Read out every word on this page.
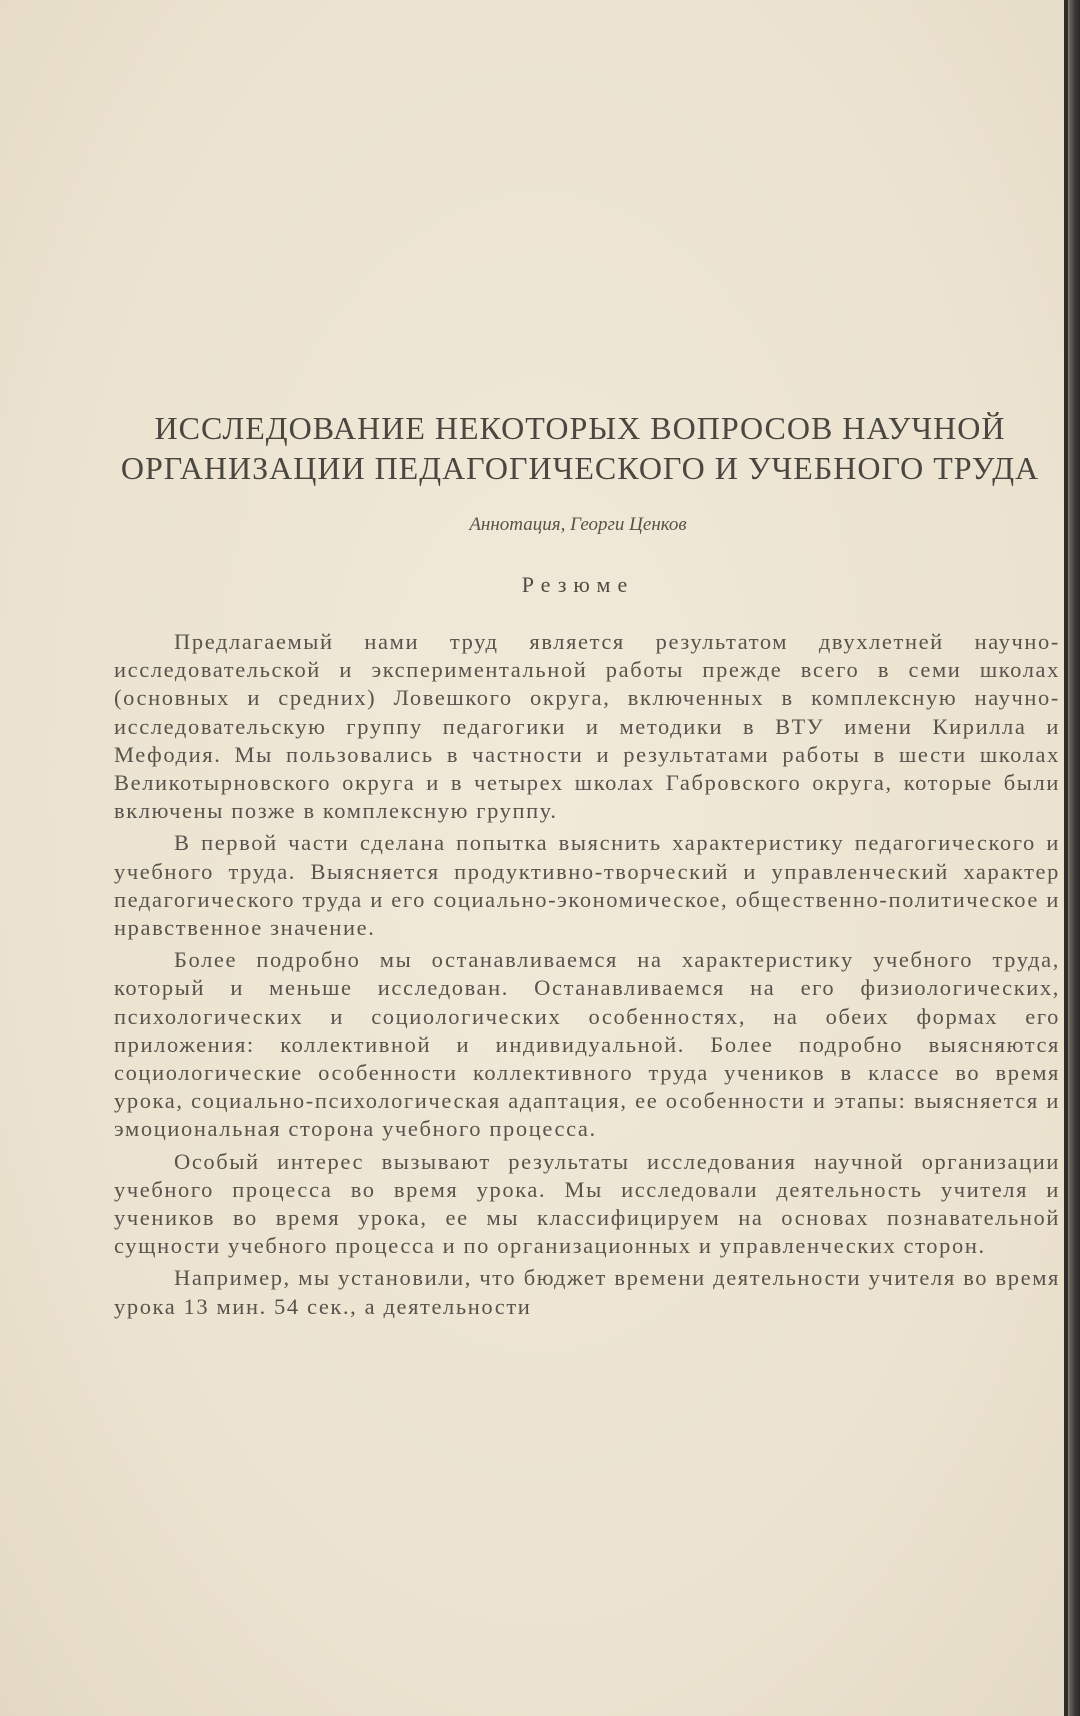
ИССЛЕДОВАНИЕ НЕКОТОРЫХ ВОПРОСОВ НАУЧНОЙ
ОРГАНИЗАЦИИ ПЕДАГОГИЧЕСКОГО И УЧЕБНОГО ТРУДА
Аннотация, Георги Ценков
Резюме

Предлагаемый нами труд является результатом двухлетней научно-исследовательской и экспериментальной работы прежде всего в семи школах (основных и средних) Ловешкого округа, включенных в комплексную научно-исследовательскую группу педагогики и методики в ВТУ имени Кирилла и Мефодия. Мы пользовались в частности и результатами работы в шести школах Великотырновского округа и в четырех школах Габровского округа, которые были включены позже в комплексную группу.

В первой части сделана попытка выяснить характеристику педагогического и учебного труда. Выясняется продуктивно-творческий и управленческий характер педагогического труда и его социально-экономическое, общественно-политическое и нравственное значение.

Более подробно мы останавливаемся на характеристику учебного труда, который и меньше исследован. Останавливаемся на его физиологических, психологических и социологических особенностях, на обеих формах его приложения: коллективной и индивидуальной. Более подробно выясняются социологические особенности коллективного труда учеников в классе во время урока, социально-психологическая адаптация, ее особенности и этапы: выясняется и эмоциональная сторона учебного процесса.

Особый интерес вызывают результаты исследования научной организации учебного процесса во время урока. Мы исследовали деятельность учителя и учеников во время урока, ее мы классифицируем на основах познавательной сущности учебного процесса и по организационных и управленческих сторон.

Например, мы установили, что бюджет времени деятельности учителя во время урока 13 мин. 54 сек., а деятельности
